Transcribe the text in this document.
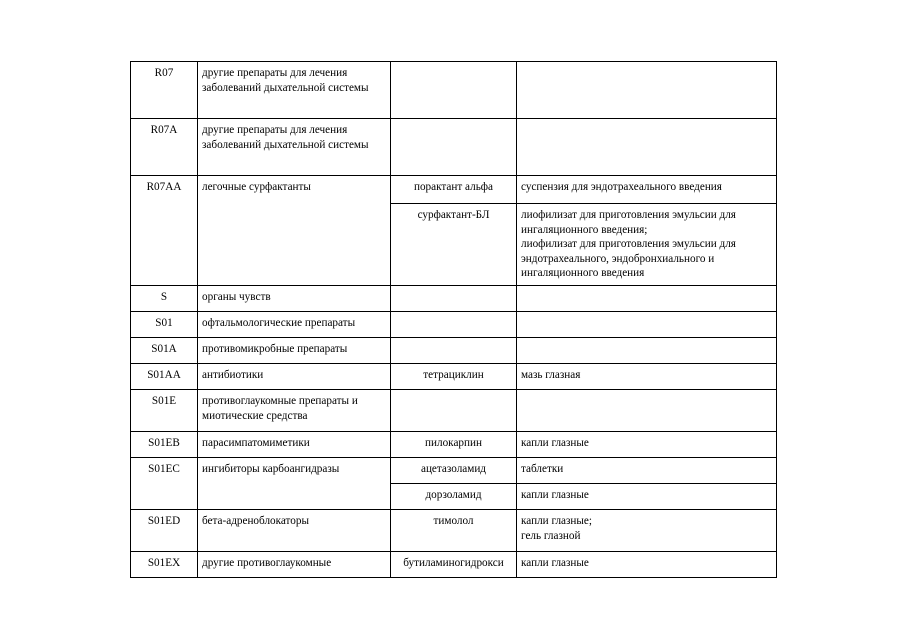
R07	другие препараты для лечения заболеваний дыхательной системы		
R07A	другие препараты для лечения заболеваний дыхательной системы		
R07AA	легочные сурфактанты	порактант альфа	суспензия для эндотрахеального введения
		сурфактант-БЛ	лиофилизат для приготовления эмульсии для ингаляционного введения;
лиофилизат для приготовления эмульсии для эндотрахеального, эндобронхиального и ингаляционного введения
S	органы чувств		
S01	офтальмологические препараты		
S01A	противомикробные препараты		
S01AA	антибиотики	тетрациклин	мазь глазная
S01E	противоглаукомные препараты и миотические средства		
S01EB	парасимпатомиметики	пилокарпин	капли глазные
S01EC	ингибиторы карбоангидразы	ацетазоламид	таблетки
		дорзоламид	капли глазные
S01ED	бета-адреноблокаторы	тимолол	капли глазные;
гель глазной
S01EX	другие противоглаукомные	бутиламиногидрокси	капли глазные
